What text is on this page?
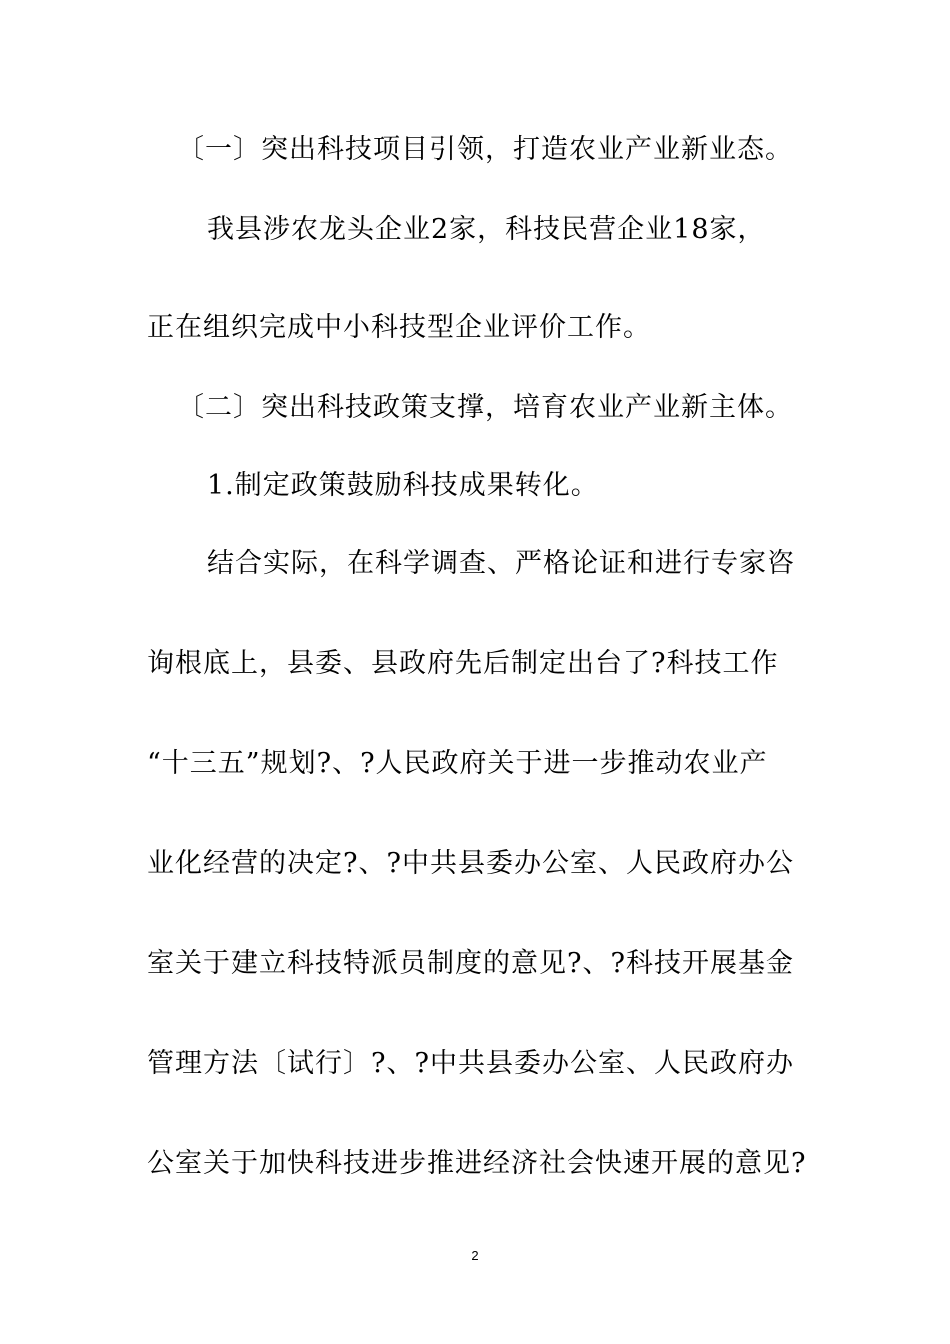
〔一〕突出科技项目引领，打造农业产业新业态。
我县涉农龙头企业2家，科技民营企业18家，
正在组织完成中小科技型企业评价工作。
〔二〕突出科技政策支撑，培育农业产业新主体。
1.制定政策鼓励科技成果转化。
结合实际，在科学调查、严格论证和进行专家咨
询根底上，县委、县政府先后制定出台了?科技工作
“十三五”规划?、?人民政府关于进一步推动农业产
业化经营的决定?、?中共县委办公室、人民政府办公
室关于建立科技特派员制度的意见?、?科技开展基金
管理方法〔试行〕?、?中共县委办公室、人民政府办
公室关于加快科技进步推进经济社会快速开展的意见?
2
